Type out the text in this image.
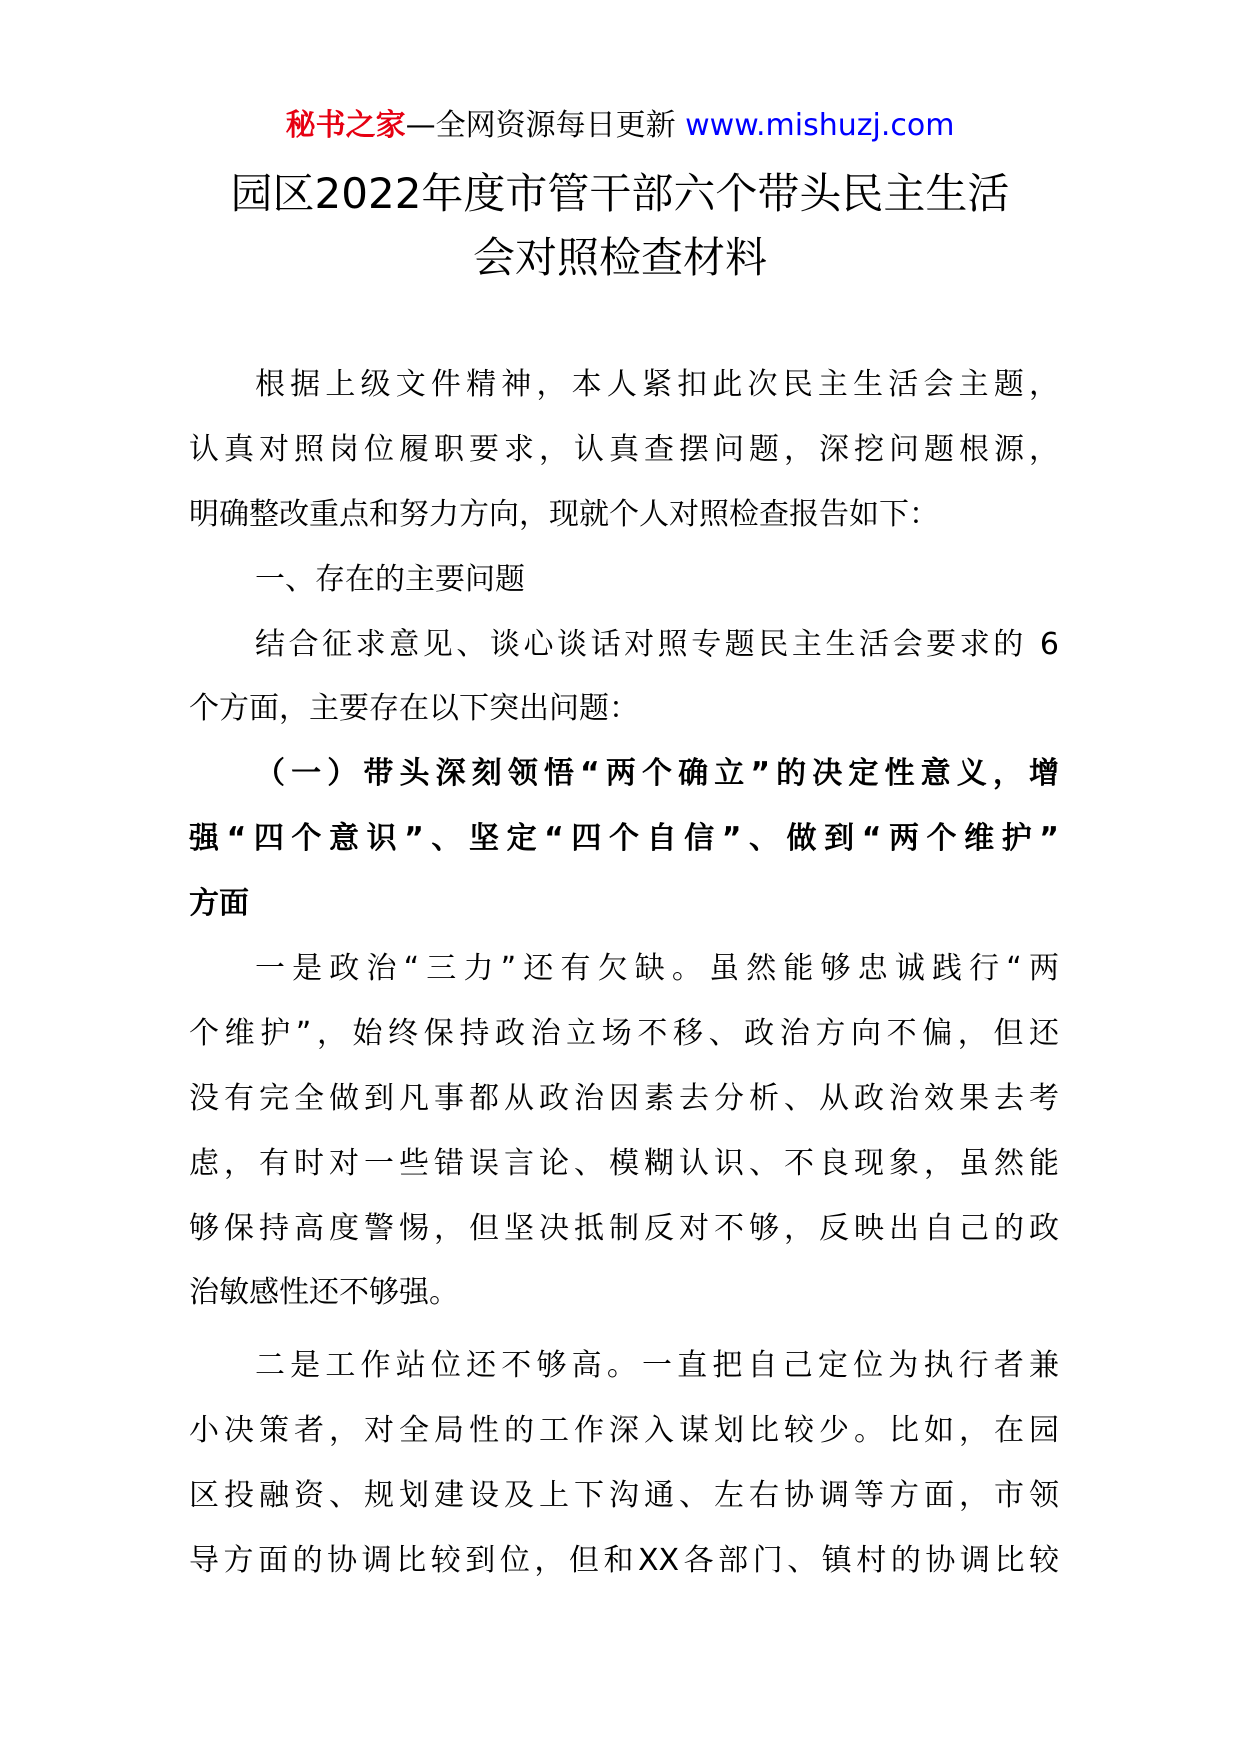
秘书之家—全网资源每日更新 www.mishuzj.com
园区2022年度市管干部六个带头民主生活
会对照检查材料
根据上级文件精神，本人紧扣此次民主生活会主题，
认真对照岗位履职要求，认真查摆问题，深挖问题根源，
明确整改重点和努力方向，现就个人对照检查报告如下：
一、存在的主要问题
结合征求意见、谈心谈话对照专题民主生活会要求的 6
个方面，主要存在以下突出问题：
（一）带头深刻领悟“两个确立”的决定性意义，增
强“四个意识”、坚定“四个自信”、做到“两个维护”
方面
一是政治“三力”还有欠缺。虽然能够忠诚践行“两
个维护”，始终保持政治立场不移、政治方向不偏，但还
没有完全做到凡事都从政治因素去分析、从政治效果去考
虑，有时对一些错误言论、模糊认识、不良现象，虽然能
够保持高度警惕，但坚决抵制反对不够，反映出自己的政
治敏感性还不够强。
二是工作站位还不够高。一直把自己定位为执行者兼
小决策者，对全局性的工作深入谋划比较少。比如，在园
区投融资、规划建设及上下沟通、左右协调等方面，市领
导方面的协调比较到位，但和XX各部门、镇村的协调比较
